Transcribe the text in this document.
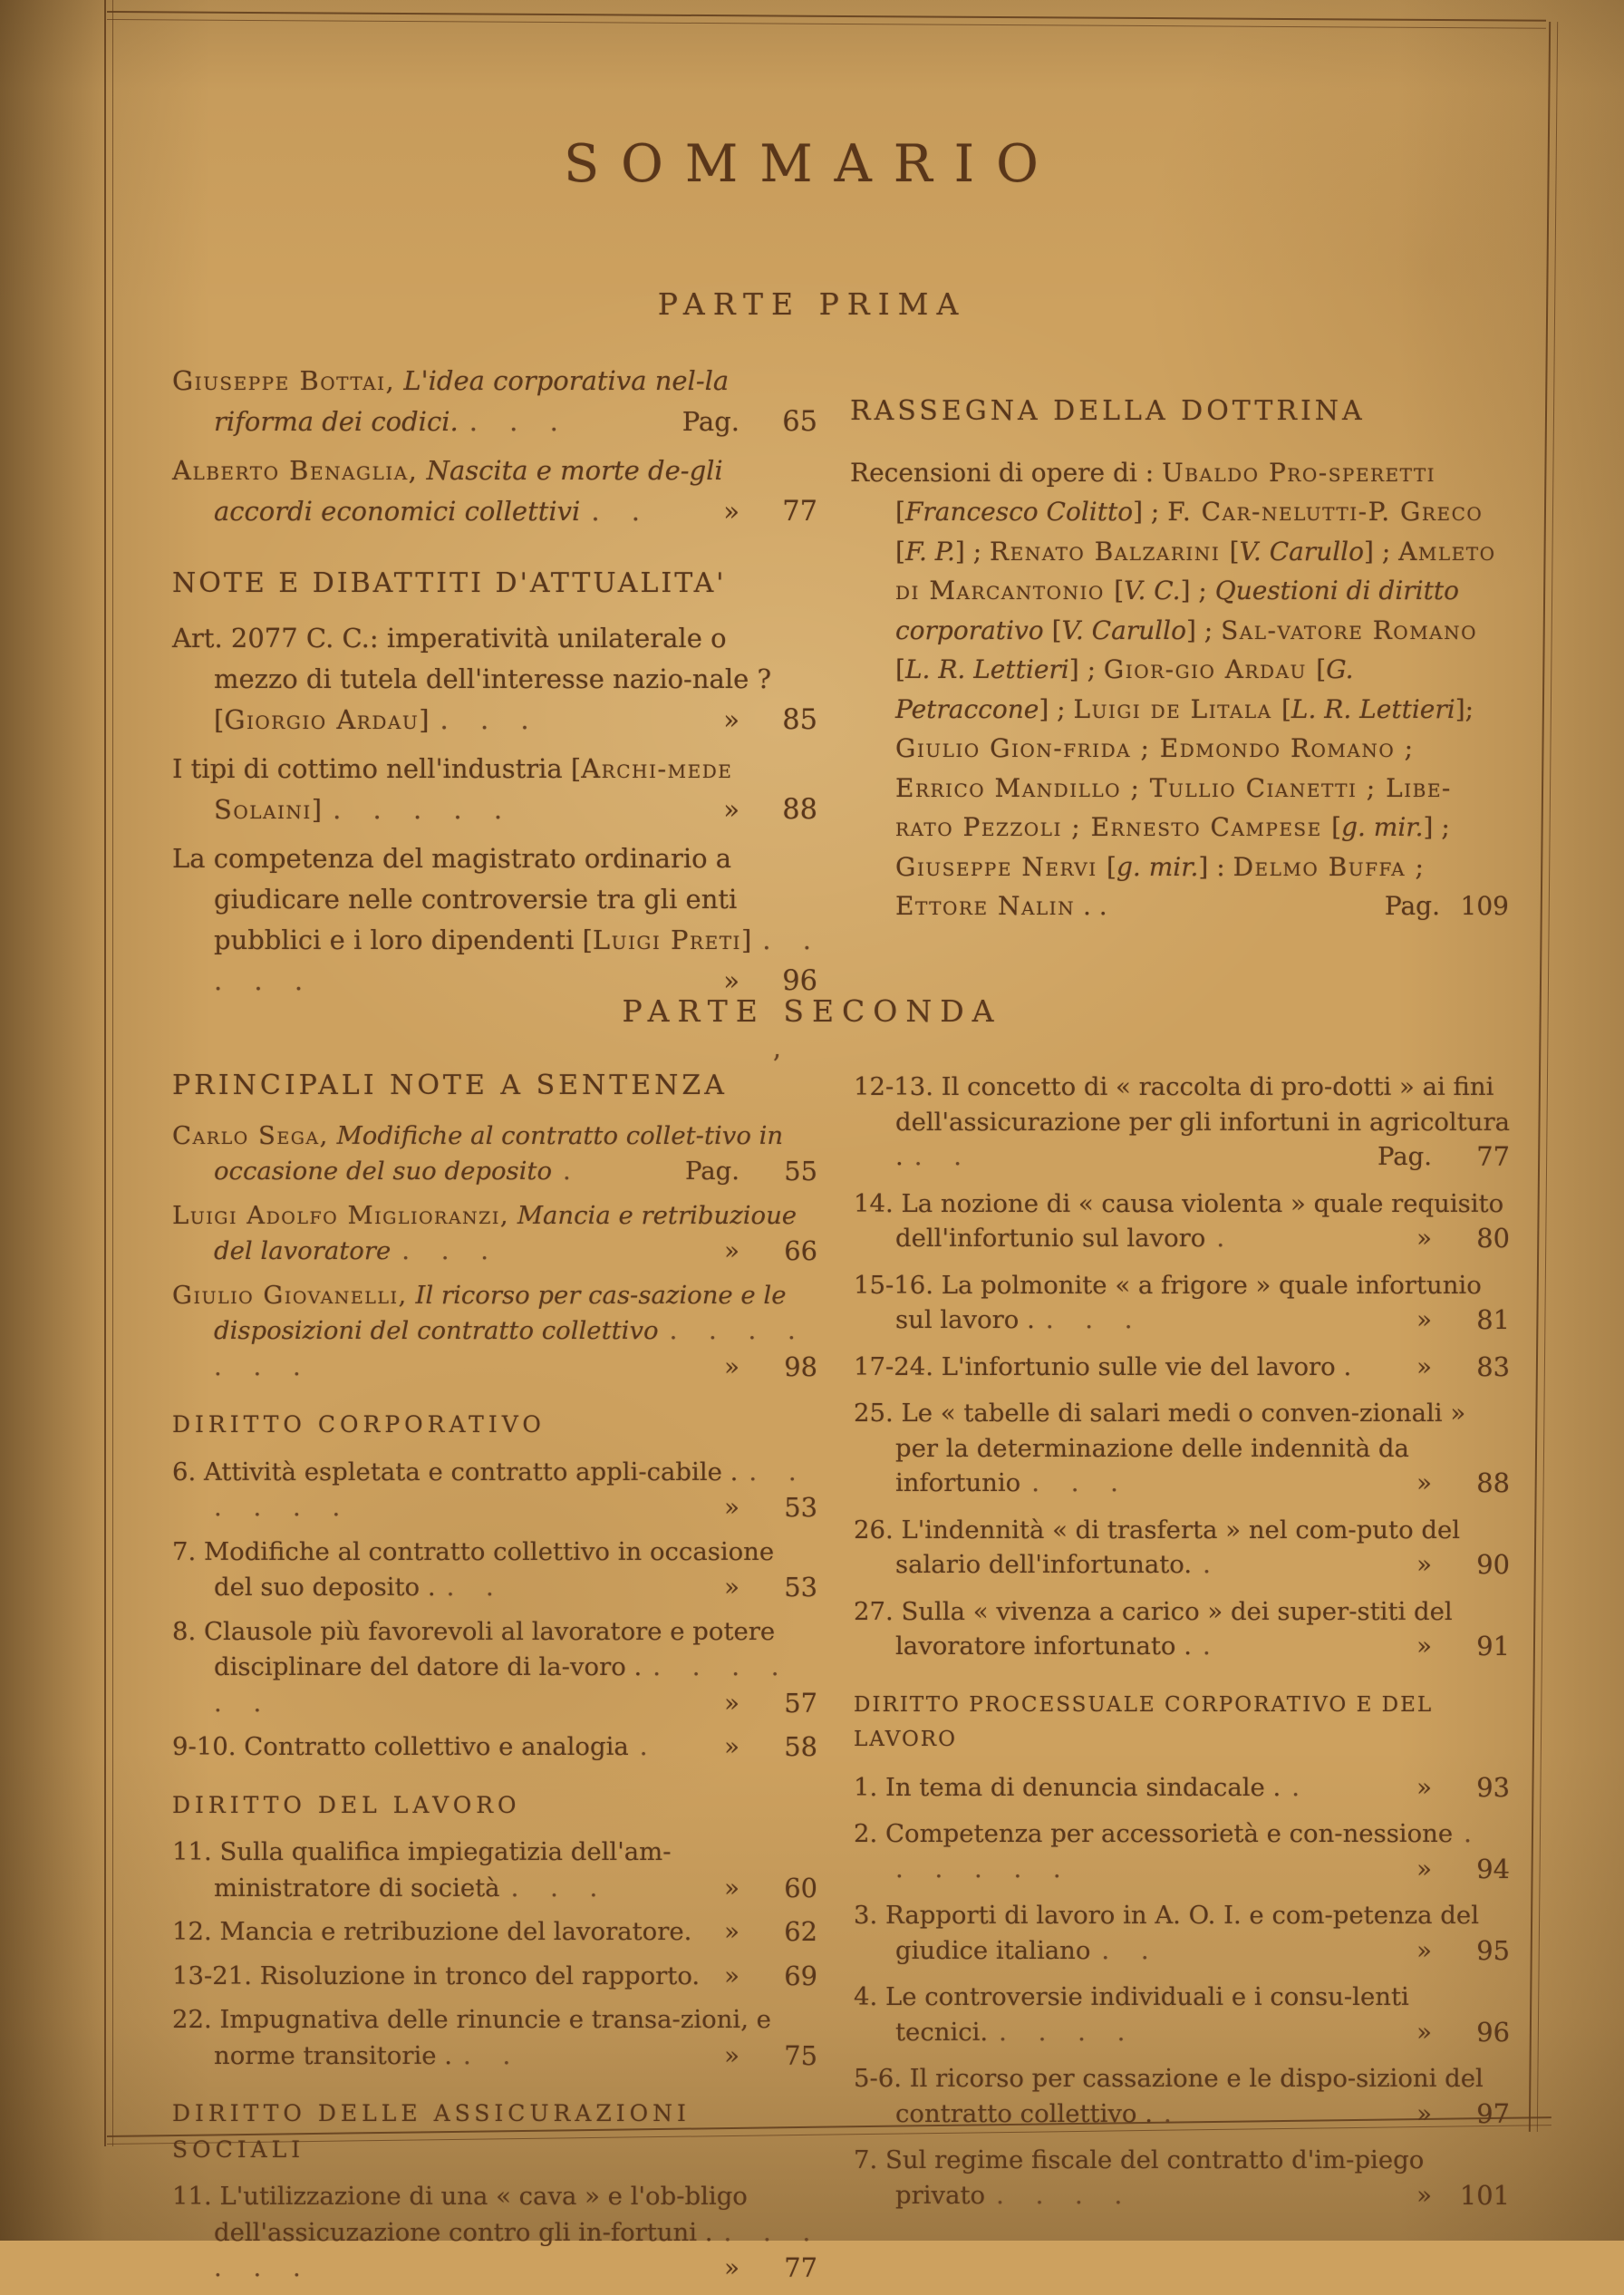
SOMMARIO
PARTE PRIMA
Giuseppe Bottai, L'idea corporativa nel-la riforma dei codici. . . .	Pag.	65
Alberto Benaglia, Nascita e morte de-gli accordi economici collettivi . .	»	77
NOTE E DIBATTITI D'ATTUALITA'
Art. 2077 C. C.: imperatività unilaterale o mezzo di tutela dell'interesse nazio-nale ? [Giorgio Ardau] . . .	»	85
I tipi di cottimo nell'industria [Archi-mede Solaini] . . . . .	»	88
La competenza del magistrato ordinario a giudicare nelle controversie tra gli enti pubblici e i loro dipendenti [Luigi Preti] . . . . .	»	96
RASSEGNA DELLA DOTTRINA
Recensioni di opere di : Ubaldo Pro-speretti [Francesco Colitto] ; F. Car-nelutti-P. Greco [F. P.] ; Renato Balzarini [V. Carullo] ; Amleto di Marcantonio [V. C.] ; Questioni di diritto corporativo [V. Carullo] ; Sal-vatore Romano [L. R. Lettieri] ; Gior-gio Ardau [G. Petraccone] ; Luigi de Litala [L. R. Lettieri]; Giulio Gion-frida ; Edmondo Romano ; Errico Mandillo ; Tullio Cianetti ; Libe-rato Pezzoli ; Ernesto Campese [g. mir.] ; Giuseppe Nervi [g. mir.] : Delmo Buffa ; Ettore Nalin . .	Pag. 109
PARTE SECONDA
’
PRINCIPALI NOTE A SENTENZA
Carlo Sega, Modifiche al contratto collet-tivo in occasione del suo deposito .	Pag.	55
Luigi Adolfo Miglioranzi, Mancia e retribuzioue del lavoratore . . .	»	66
Giulio Giovanelli, Il ricorso per cas-sazione e le disposizioni del contratto collettivo . . . . . . .	»	98
DIRITTO CORPORATIVO
6. Attività espletata e contratto appli-cabile . . . . . . .	»	53
7. Modifiche al contratto collettivo in occasione del suo deposito . . .	»	53
8. Clausole più favorevoli al lavoratore e potere disciplinare del datore di la-voro . . . . . . .	»	57
9-10. Contratto collettivo e analogia .	»	58
DIRITTO DEL LAVORO
11. Sulla qualifica impiegatizia dell'am-ministratore di società . . .	»	60
12. Mancia e retribuzione del lavoratore. »	62
13-21. Risoluzione in tronco del rapporto. »	69
22. Impugnativa delle rinuncie e transa-zioni, e norme transitorie . . .	»	75
DIRITTO DELLE ASSICURAZIONI SOCIALI
11. L'utilizzazione di una « cava » e l'ob-bligo dell'assicuzazione contro gli in-fortuni . . . . . . .	»	77
12-13. Il concetto di « raccolta di pro-dotti » ai fini dell'assicurazione per gli infortuni in agricoltura . . .	Pag.	77
14. La nozione di « causa violenta » quale requisito dell'infortunio sul lavoro .	»	80
15-16. La polmonite « a frigore » quale infortunio sul lavoro . . . .	»	81
17-24. L'infortunio sulle vie del lavoro .	»	83
25. Le « tabelle di salari medi o conven-zionali » per la determinazione delle indennità da infortunio . . .	»	88
26. L'indennità « di trasferta » nel com-puto del salario dell'infortunato. .	»	90
27. Sulla « vivenza a carico » dei super-stiti del lavoratore infortunato . .	»	91
DIRITTO PROCESSUALE CORPORATIVO E DEL LAVORO
1. In tema di denuncia sindacale . .	»	93
2. Competenza per accessorietà e con-nessione . . . . . .	»	94
3. Rapporti di lavoro in A. O. I. e com-petenza del giudice italiano . .	»	95
4. Le controversie individuali e i consu-lenti tecnici. . . . .	»	96
5-6. Il ricorso per cassazione e le dispo-sizioni del contratto collettivo . .	»	97
7. Sul regime fiscale del contratto d'im-piego privato . . . .	»	101
